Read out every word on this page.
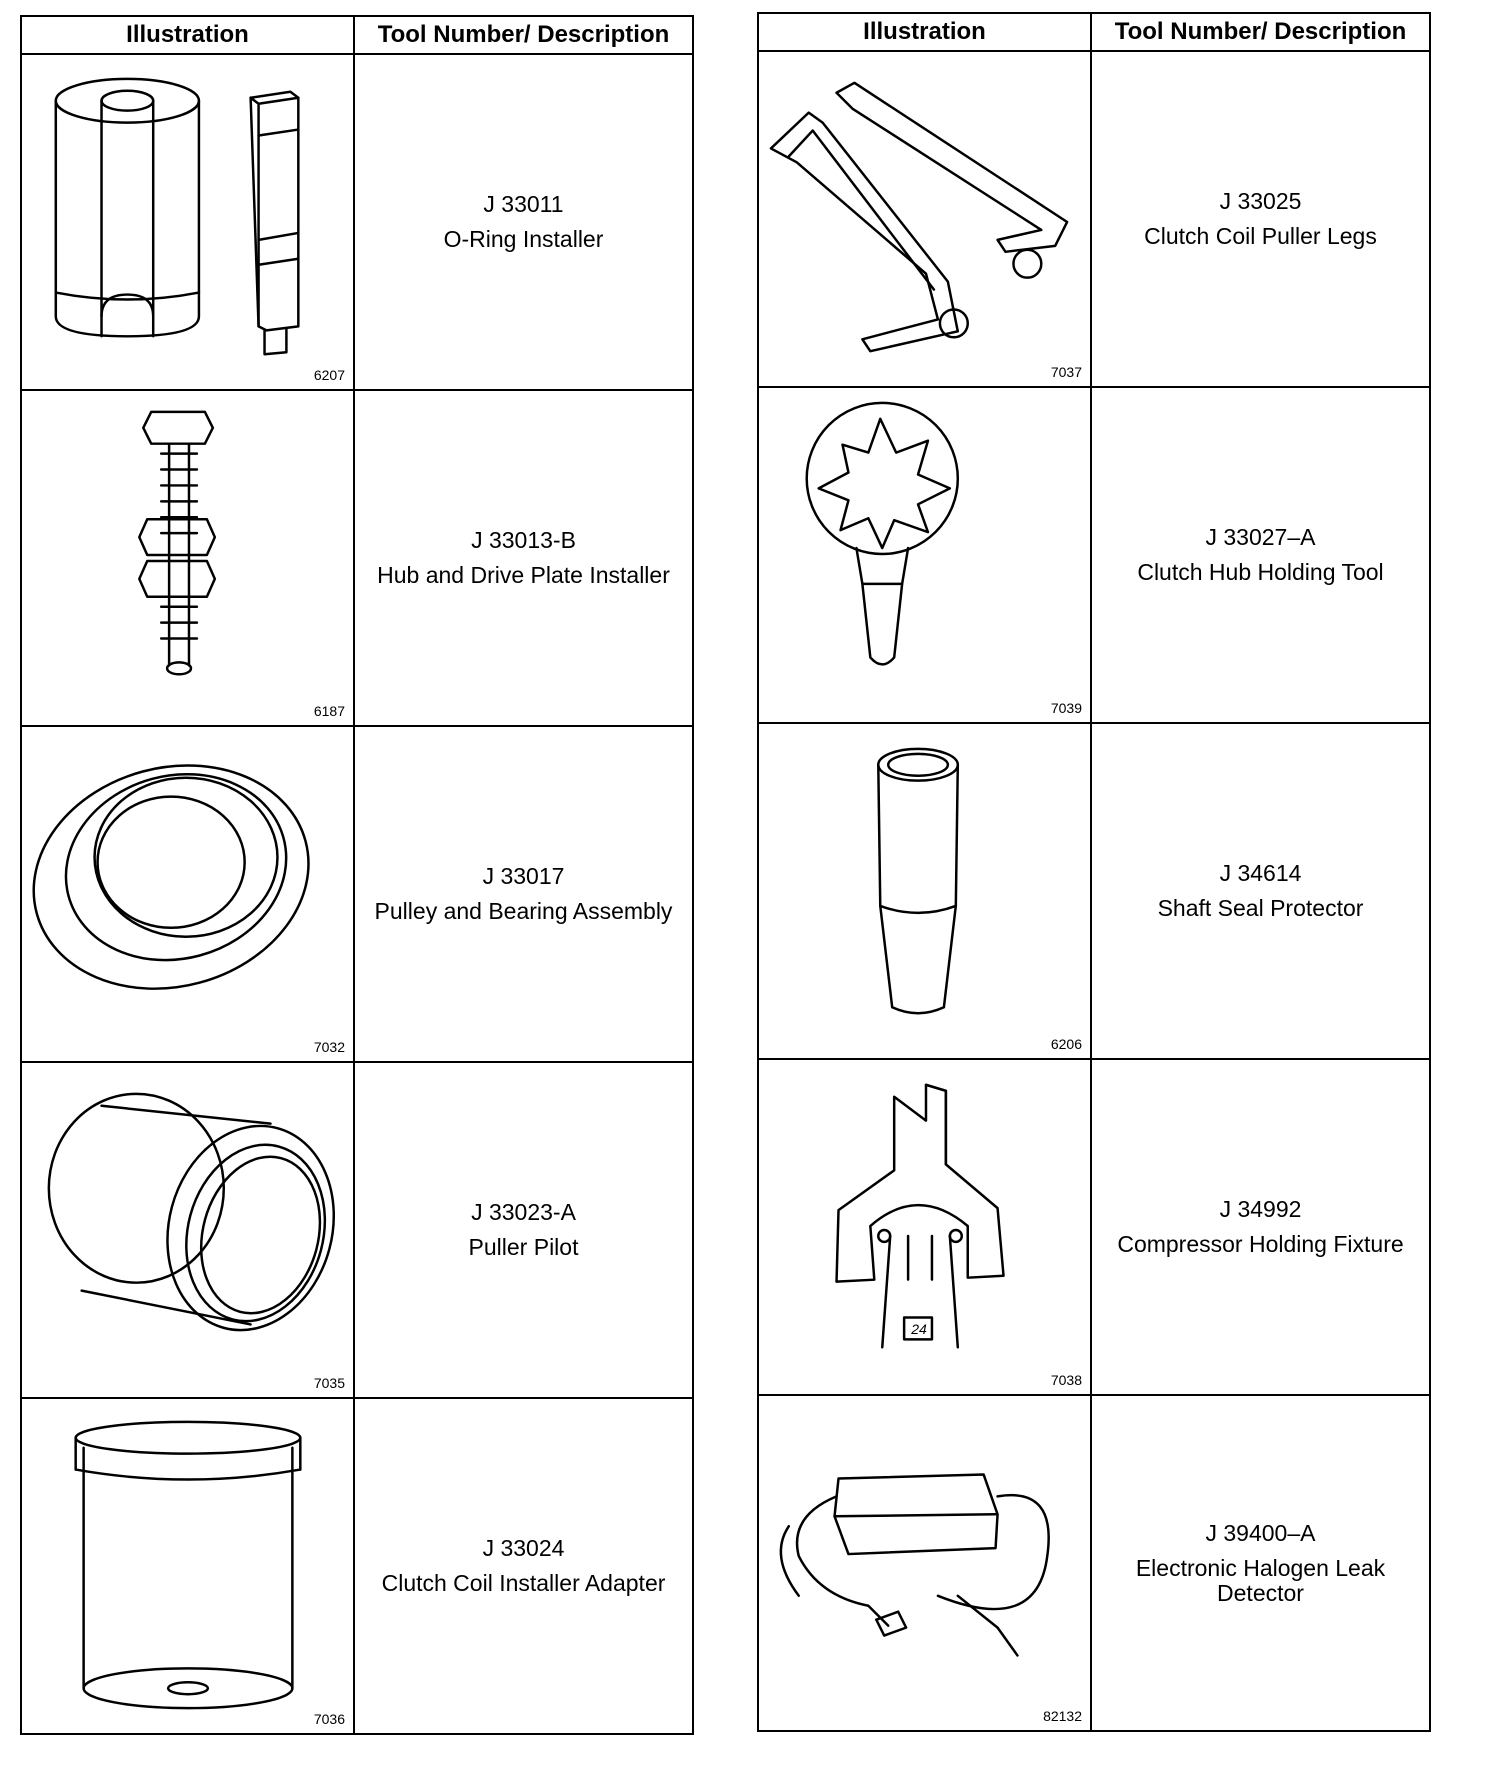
Illustration	Tool Number/ Description

6207	J 33011
O-Ring Installer

6187	J 33013-B
Hub and Drive Plate Installer

7032	J 33017
Pulley and Bearing Assembly

7035	J 33023-A
Puller Pilot

7036	J 33024
Clutch Coil Installer Adapter
Illustration	Tool Number/ Description

7037	J 33025
Clutch Coil Puller Legs

7039	J 33027–A
Clutch Hub Holding Tool

6206	J 34614
Shaft Seal Protector

24
7038	J 34992
Compressor Holding Fixture

82132	J 39400–A
Electronic Halogen Leak Detector
